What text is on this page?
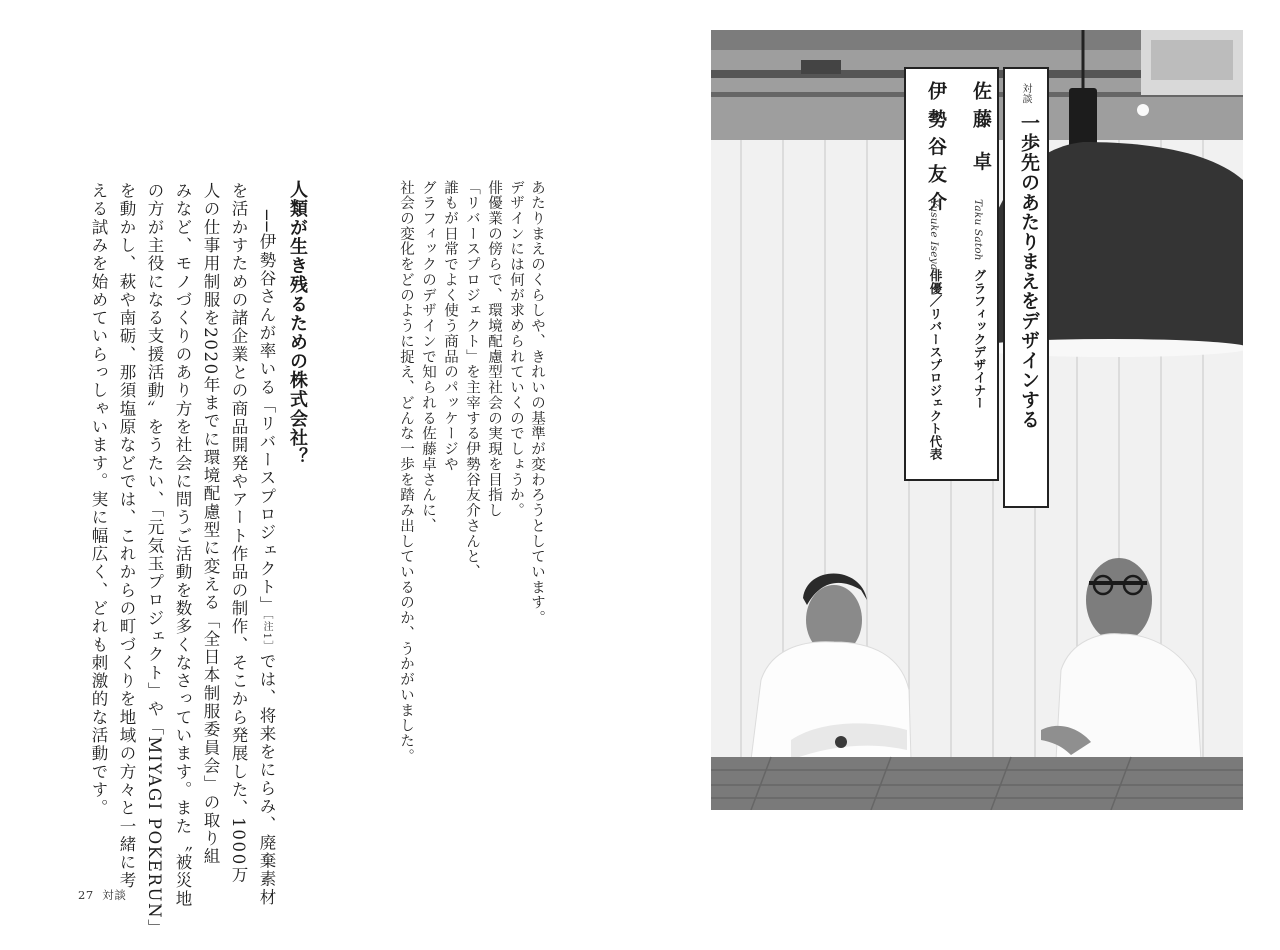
あたりまえのくらしや、きれいの基準が変わろうとしています。
デザインには何が求められていくのでしょうか。
俳優業の傍らで、環境配慮型社会の実現を目指し
「リバースプロジェクト」を主宰する伊勢谷友介さんと、
誰もが日常でよく使う商品のパッケージや
グラフィックのデザインで知られる佐藤卓さんに、
社会の変化をどのように捉え、どんな一歩を踏み出しているのか、うかがいました。
人類が生き残るための株式会社？
──伊勢谷さんが率いる「リバースプロジェクト」［注1］では、将来をにらみ、廃棄素材
を活かすための諸企業との商品開発やアート作品の制作、そこから発展した、1000万
人の仕事用制服を2020年までに環境配慮型に変える「全日本制服委員会」の取り組
みなど、モノづくりのあり方を社会に問うご活動を数多くなさっています。また〝被災地
の方が主役になる支援活動〟をうたい、「元気玉プロジェクト」や「MIYAGI POKERUN」
を動かし、萩や南砺、那須塩原などでは、これからの町づくりを地域の方々と一緒に考
える試みを始めていらっしゃいます。実に幅広く、どれも刺激的な活動です。
27 対談
対談
一歩先のあたりまえをデザインする
佐藤 卓
Taku Satoh
グラフィックデザイナー
伊勢谷友介
Yusuke Iseya
俳優／リバースプロジェクト代表
